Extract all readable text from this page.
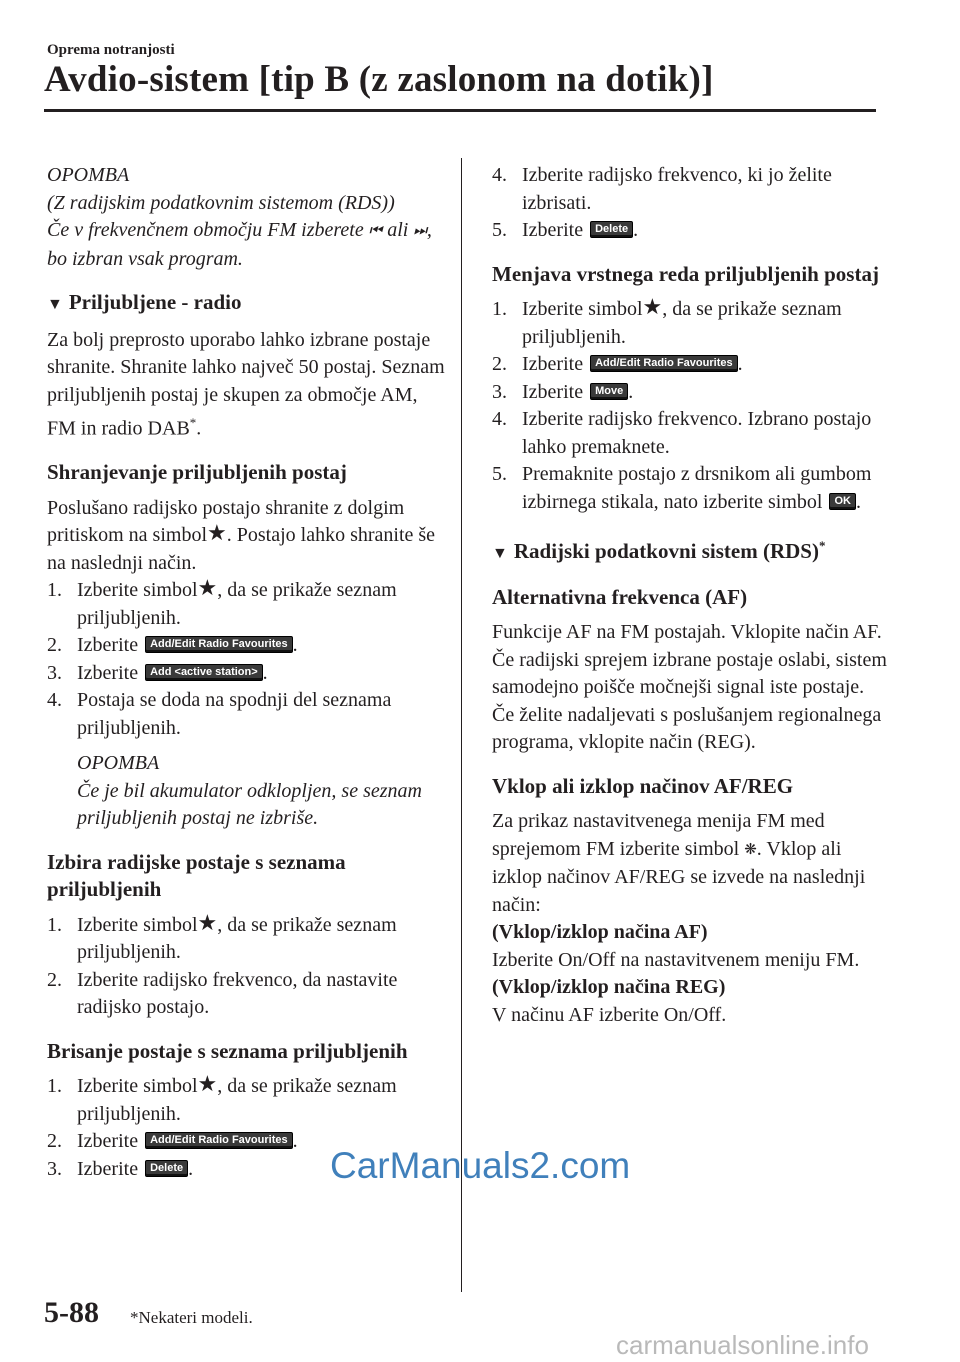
Oprema notranjosti
Avdio-sistem [tip B (z zaslonom na dotik)]

OPOMBA

(Z radijskim podatkovnim sistemom (RDS))

Če v frekvenčnem območju FM izberete ⏮ ali ⏭, bo izbran vsak program.

▼ Priljubljene - radio

Za bolj preprosto uporabo lahko izbrane postaje shranite. Shranite lahko največ 50 postaj. Seznam priljubljenih postaj je skupen za območje AM, FM in radio DAB*.

Shranjevanje priljubljenih postaj

Poslušano radijsko postajo shranite z dolgim pritiskom na simbol★. Postajo lahko shranite še na naslednji način.

1. Izberite simbol★, da se prikaže seznam priljubljenih.
2. Izberite Add/Edit Radio Favourites .
3. Izberite Add <active station> .
4. Postaja se doda na spodnji del seznama priljubljenih.

OPOMBA

Če je bil akumulator odklopljen, se seznam priljubljenih postaj ne izbriše.

Izbira radijske postaje s seznama priljubljenih

1. Izberite simbol★, da se prikaže seznam priljubljenih.
2. Izberite radijsko frekvenco, da nastavite radijsko postajo.

Brisanje postaje s seznama priljubljenih

1. Izberite simbol★, da se prikaže seznam priljubljenih.
2. Izberite Add/Edit Radio Favourites .
3. Izberite Delete .
4. Izberite radijsko frekvenco, ki jo želite izbrisati.
5. Izberite Delete .

Menjava vrstnega reda priljubljenih postaj

1. Izberite simbol★, da se prikaže seznam priljubljenih.
2. Izberite Add/Edit Radio Favourites .
3. Izberite Move .
4. Izberite radijsko frekvenco. Izbrano postajo lahko premaknete.
5. Premaknite postajo z drsnikom ali gumbom izbirnega stikala, nato izberite simbol OK .

▼ Radijski podatkovni sistem (RDS)*

Alternativna frekvenca (AF)

Funkcije AF na FM postajah. Vklopite način AF. Če radijski sprejem izbrane postaje oslabi, sistem samodejno poišče močnejši signal iste postaje.

Če želite nadaljevati s poslušanjem regionalnega programa, vklopite način (REG).

Vklop ali izklop načinov AF/REG

Za prikaz nastavitvenega menija FM med sprejemom FM izberite simbol ❋. Vklop ali izklop načinov AF/REG se izvede na naslednji način:

(Vklop/izklop načina AF)

Izberite On/Off na nastavitvenem meniju FM.

(Vklop/izklop načina REG)

V načinu AF izberite On/Off.

5-88 *Nekateri modeli.
CarManuals2.com
carmanualsonline.info
